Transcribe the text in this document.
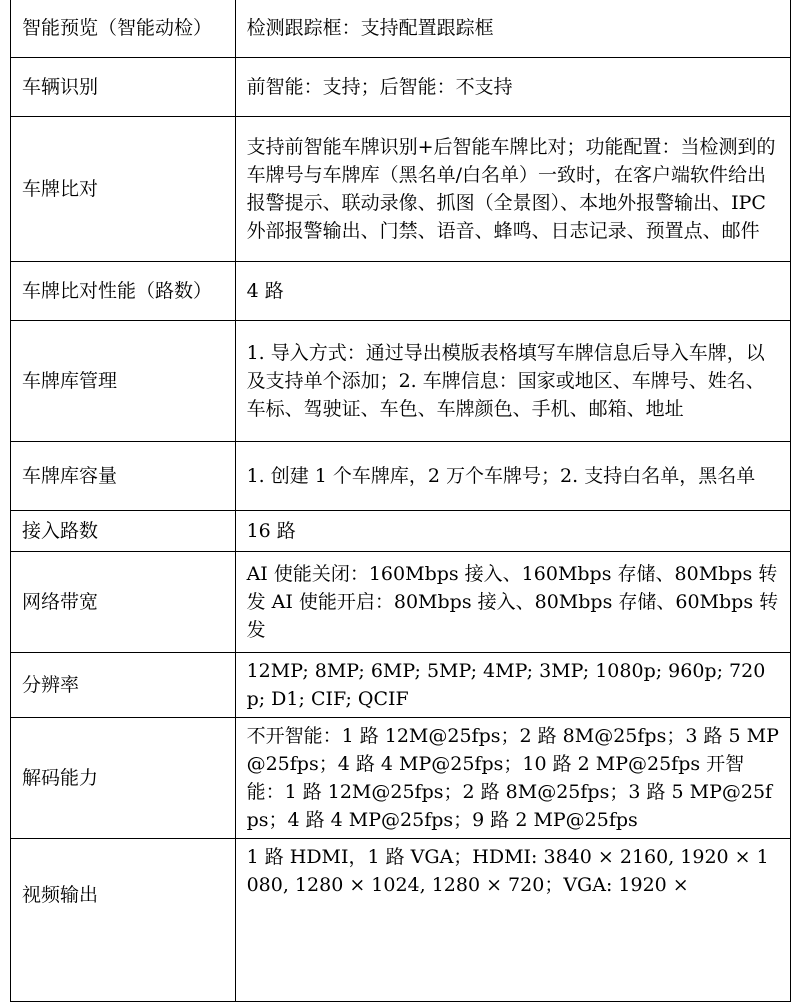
智能预览（智能动检）	检测跟踪框：支持配置跟踪框
车辆识别	前智能：支持；后智能：不支持
车牌比对	支持前智能车牌识别+后智能车牌比对；功能配置：当检测到的车牌号与车牌库（黑名单/白名单）一致时，在客户端软件给出报警提示、联动录像、抓图（全景图）、本地外报警输出、IPC 外部报警输出、门禁、语音、蜂鸣、日志记录、预置点、邮件
车牌比对性能（路数）	4 路
车牌库管理	1. 导入方式：通过导出模版表格填写车牌信息后导入车牌，以及支持单个添加；2. 车牌信息：国家或地区、车牌号、姓名、车标、驾驶证、车色、车牌颜色、手机、邮箱、地址
车牌库容量	1. 创建 1 个车牌库，2 万个车牌号；2. 支持白名单，黑名单
接入路数	16 路
网络带宽	AI 使能关闭：160Mbps 接入、160Mbps 存储、80Mbps 转发 AI 使能开启：80Mbps 接入、80Mbps 存储、60Mbps 转发
分辨率	12MP; 8MP; 6MP; 5MP; 4MP; 3MP; 1080p; 960p; 720p; D1; CIF; QCIF
解码能力	不开智能：1 路 12M@25fps；2 路 8M@25fps；3 路 5 MP@25fps；4 路 4 MP@25fps；10 路 2 MP@25fps 开智能：1 路 12M@25fps；2 路 8M@25fps；3 路 5 MP@25fps；4 路 4 MP@25fps；9 路 2 MP@25fps
视频输出	1 路 HDMI，1 路 VGA；HDMI: 3840 × 2160, 1920 × 1080, 1280 × 1024, 1280 × 720；VGA: 1920 ×
